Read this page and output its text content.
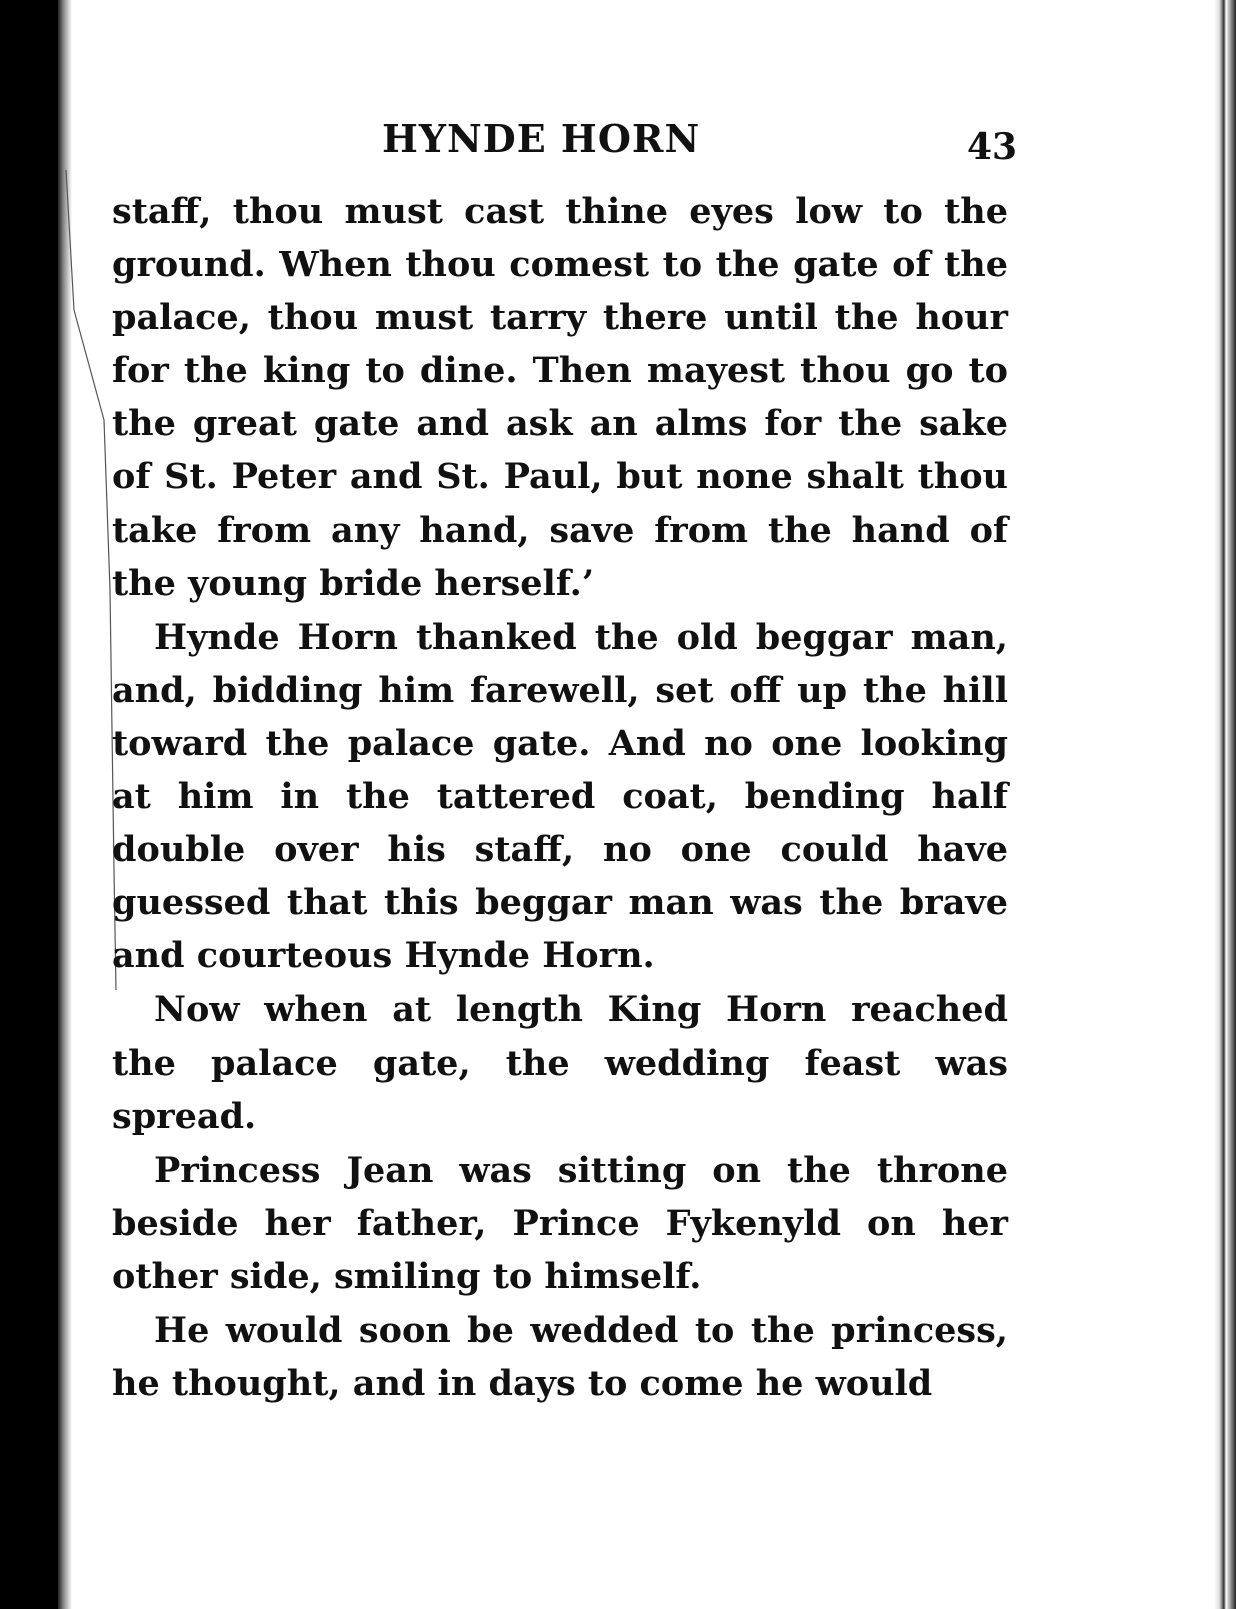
HYNDE HORN	43

staff, thou must cast thine eyes low to the ground. When thou comest to the gate of the palace, thou must tarry there until the hour for the king to dine. Then mayest thou go to the great gate and ask an alms for the sake of St. Peter and St. Paul, but none shalt thou take from any hand, save from the hand of the young bride herself.’

Hynde Horn thanked the old beggar man, and, bidding him farewell, set off up the hill toward the palace gate. And no one looking at him in the tattered coat, bending half double over his staff, no one could have guessed that this beggar man was the brave and courteous Hynde Horn.

Now when at length King Horn reached the palace gate, the wedding feast was spread.

Princess Jean was sitting on the throne beside her father, Prince Fykenyld on her other side, smiling to himself.

He would soon be wedded to the princess, he thought, and in days to come he would
